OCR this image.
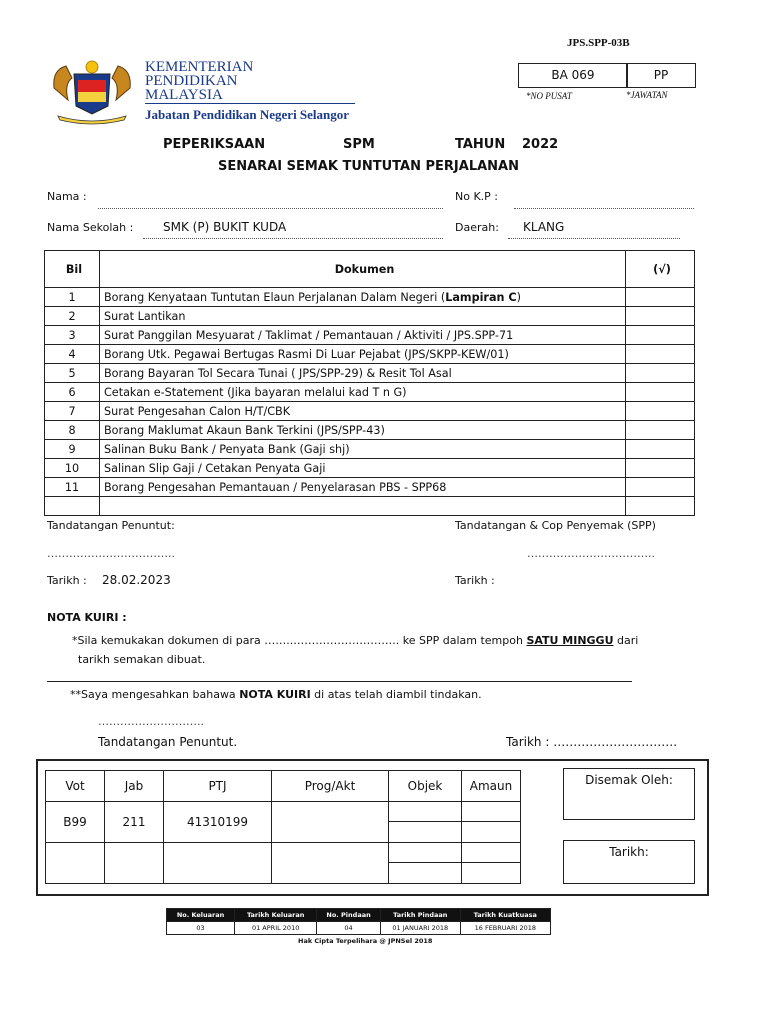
JPS.SPP-03B
KEMENTERIAN
PENDIDIKAN
MALAYSIA
Jabatan Pendidikan Negeri Selangor
BA 069	PP
*NO PUSAT	*JAWATAN
PEPERIKSAAN	SPM	TAHUN 2022
SENARAI SEMAK TUNTUTAN PERJALANAN
Nama :	No K.P :
Nama Sekolah : SMK (P) BUKIT KUDA	Daerah: KLANG
Bil	Dokumen	(√)
1	Borang Kenyataan Tuntutan Elaun Perjalanan Dalam Negeri (Lampiran C)	
2	Surat Lantikan	
3	Surat Panggilan Mesyuarat / Taklimat / Pemantauan / Aktiviti / JPS.SPP-71	
4	Borang Utk. Pegawai Bertugas Rasmi Di Luar Pejabat (JPS/SKPP-KEW/01)	
5	Borang Bayaran Tol Secara Tunai ( JPS/SPP-29) & Resit Tol Asal	
6	Cetakan e-Statement (Jika bayaran melalui kad T n G)	
7	Surat Pengesahan Calon H/T/CBK	
8	Borang Maklumat Akaun Bank Terkini (JPS/SPP-43)	
9	Salinan Buku Bank / Penyata Bank (Gaji shj)	
10	Salinan Slip Gaji / Cetakan Penyata Gaji	
11	Borang Pengesahan Pemantauan / Penyelarasan PBS - SPP68	

Tandatangan Penuntut:
……………………………..
Tandatangan & Cop Penyemak (SPP)
……………………………..
Tarikh : 28.02.2023	Tarikh :
NOTA KUIRI :
*Sila kemukakan dokumen di para ……..……………………….. ke SPP dalam tempoh SATU MINGGU dari
tarikh semakan dibuat.
**Saya mengesahkan bahawa NOTA KUIRI di atas telah diambil tindakan.
………………………..
Tandatangan Penuntut.	Tarikh : ………………………….
Vot	Jab	PTJ	Prog/Akt	Objek	Amaun
B99	211	41310199			

Disemak Oleh:
Tarikh:
No. Keluaran	Tarikh Keluaran	No. Pindaan	Tarikh Pindaan	Tarikh Kuatkuasa
03	01 APRIL 2010	04	01 JANUARI 2018	16 FEBRUARI 2018
Hak Cipta Terpelihara @ JPNSel 2018
